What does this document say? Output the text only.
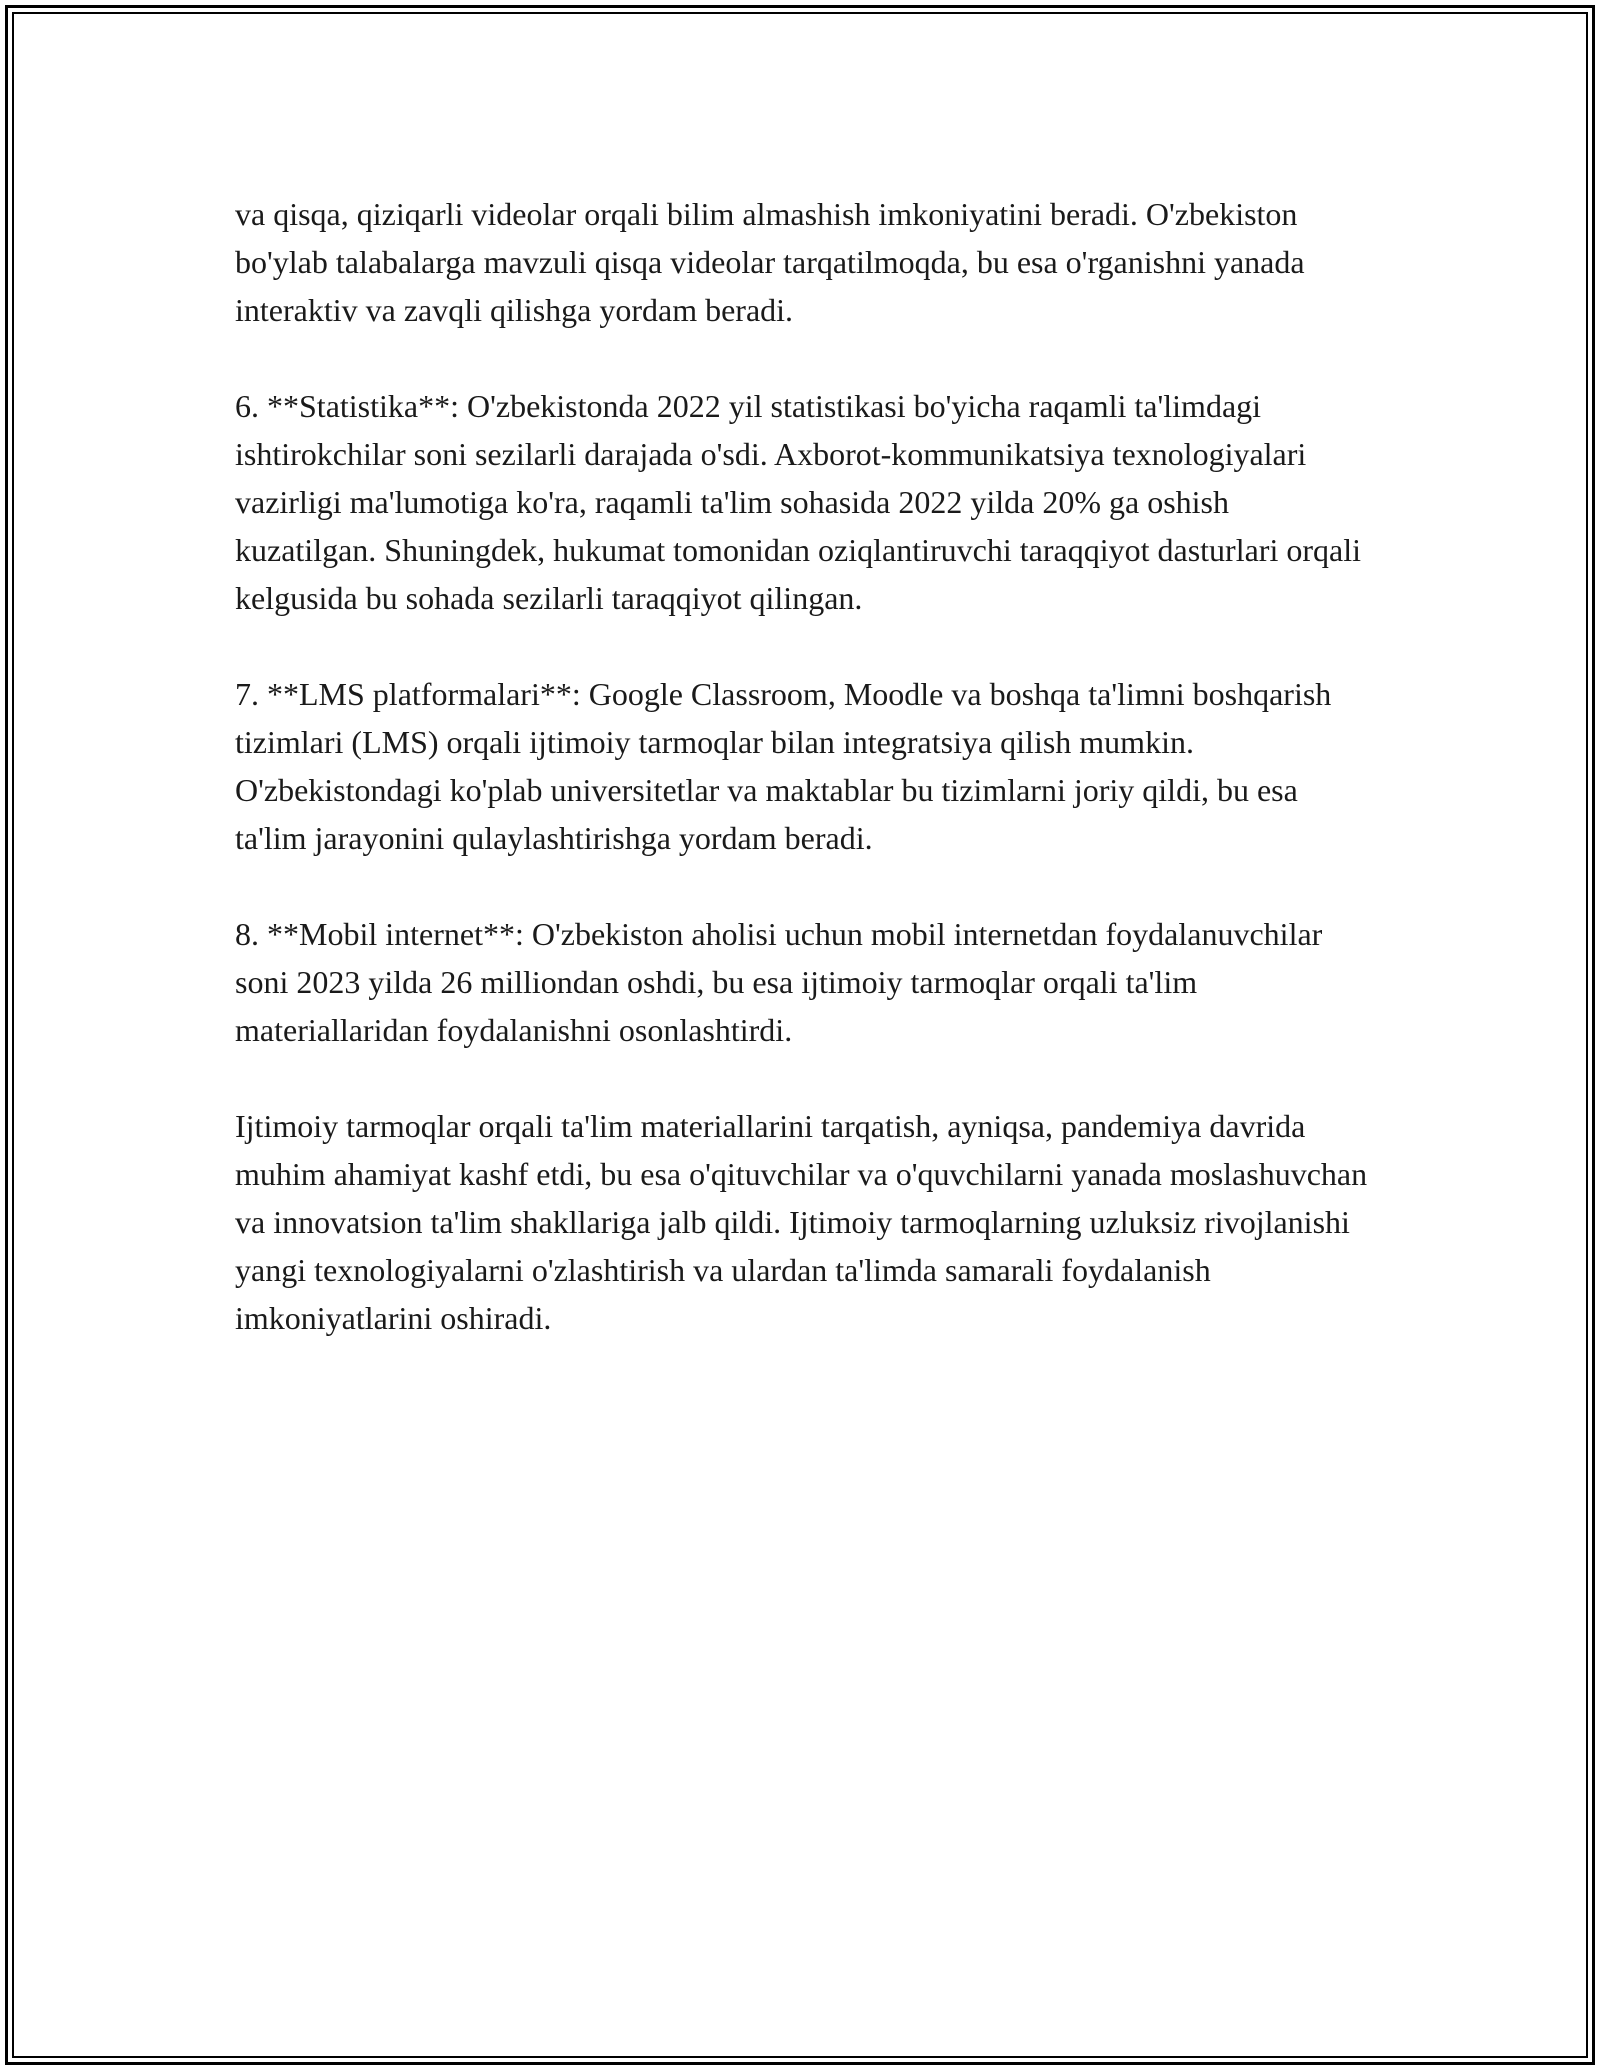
va qisqa, qiziqarli videolar orqali bilim almashish imkoniyatini beradi. O'zbekiston bo'ylab talabalarga mavzuli qisqa videolar tarqatilmoqda, bu esa o'rganishni yanada interaktiv va zavqli qilishga yordam beradi.

6. **Statistika**: O'zbekistonda 2022 yil statistikasi bo'yicha raqamli ta'limdagi ishtirokchilar soni sezilarli darajada o'sdi. Axborot-kommunikatsiya texnologiyalari vazirligi ma'lumotiga ko'ra, raqamli ta'lim sohasida 2022 yilda 20% ga oshish kuzatilgan. Shuningdek, hukumat tomonidan oziqlantiruvchi taraqqiyot dasturlari orqali kelgusida bu sohada sezilarli taraqqiyot qilingan.

7. **LMS platformalari**: Google Classroom, Moodle va boshqa ta'limni boshqarish tizimlari (LMS) orqali ijtimoiy tarmoqlar bilan integratsiya qilish mumkin. O'zbekistondagi ko'plab universitetlar va maktablar bu tizimlarni joriy qildi, bu esa ta'lim jarayonini qulaylashtirishga yordam beradi.

8. **Mobil internet**: O'zbekiston aholisi uchun mobil internetdan foydalanuvchilar soni 2023 yilda 26 milliondan oshdi, bu esa ijtimoiy tarmoqlar orqali ta'lim materiallaridan foydalanishni osonlashtirdi.

Ijtimoiy tarmoqlar orqali ta'lim materiallarini tarqatish, ayniqsa, pandemiya davrida muhim ahamiyat kashf etdi, bu esa o'qituvchilar va o'quvchilarni yanada moslashuvchan va innovatsion ta'lim shakllariga jalb qildi. Ijtimoiy tarmoqlarning uzluksiz rivojlanishi yangi texnologiyalarni o'zlashtirish va ulardan ta'limda samarali foydalanish imkoniyatlarini oshiradi.
